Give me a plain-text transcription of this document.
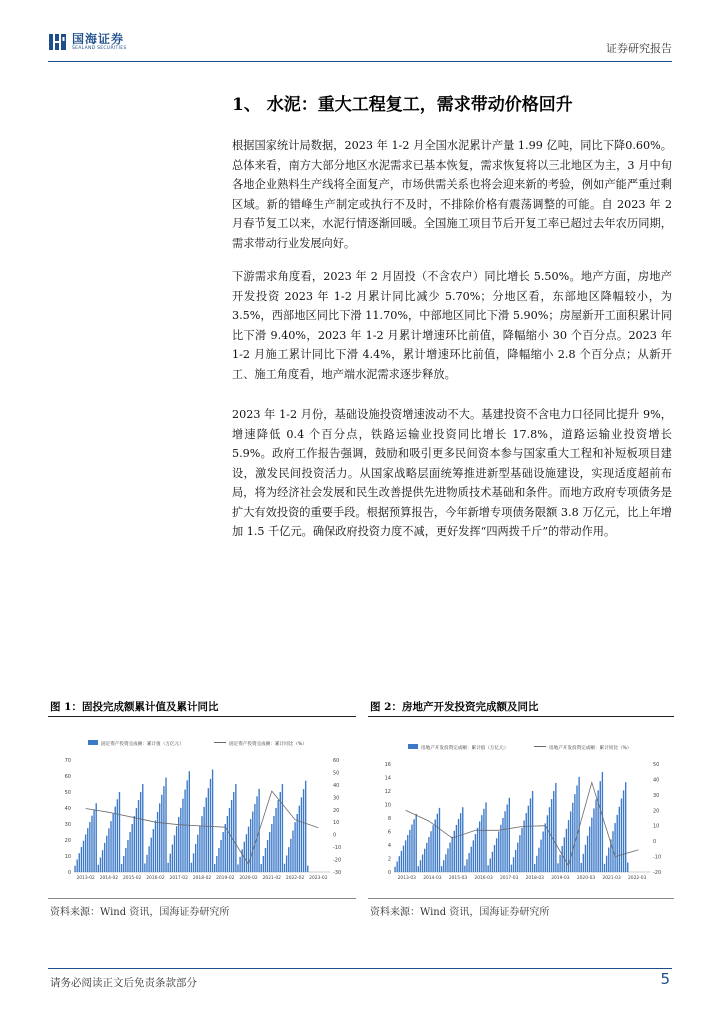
国海证券
SEALAND SECURITIES	证券研究报告
1、 水泥：重大工程复工，需求带动价格回升

根据国家统计局数据，2023 年 1-2 月全国水泥累计产量 1.99 亿吨，同比下降0.60%。总体来看，南方大部分地区水泥需求已基本恢复，需求恢复将以三北地区为主，3 月中旬各地企业熟料生产线将全面复产，市场供需关系也将会迎来新的考验，例如产能严重过剩区域。新的错峰生产制定或执行不及时，不排除价格有震荡调整的可能。自 2023 年 2 月春节复工以来，水泥行情逐渐回暖。全国施工项目节后开复工率已超过去年农历同期，需求带动行业发展向好。

下游需求角度看，2023 年 2 月固投（不含农户）同比增长 5.50%。地产方面，房地产开发投资 2023 年 1-2 月累计同比减少 5.70%；分地区看，东部地区降幅较小，为 3.5%，西部地区同比下滑 11.70%，中部地区同比下滑 5.90%；房屋新开工面积累计同比下滑 9.40%，2023 年 1-2 月累计增速环比前值，降幅缩小 30 个百分点。2023 年 1-2 月施工累计同比下滑 4.4%，累计增速环比前值，降幅缩小 2.8 个百分点；从新开工、施工角度看，地产端水泥需求逐步释放。

2023 年 1-2 月份，基础设施投资增速波动不大。基建投资不含电力口径同比提升 9%，增速降低 0.4 个百分点，铁路运输业投资同比增长 17.8%，道路运输业投资增长 5.9%。政府工作报告强调，鼓励和吸引更多民间资本参与国家重大工程和补短板项目建设，激发民间投资活力。从国家战略层面统筹推进新型基础设施建设，实现适度超前布局，将为经济社会发展和民生改善提供先进物质技术基础和条件。而地方政府专项债务是扩大有效投资的重要手段。根据预算报告，今年新增专项债务限额 3.8 万亿元，比上年增加 1.5 千亿元。确保政府投资力度不减，更好发挥“四两拨千斤”的带动作用。

图 1：固投完成额累计值及累计同比
固定资产投资完成额：累计值（万亿元）	固定资产投资完成额：累计同比（%）
0
10
20
30
40
50
60
70
-30
-20
-10
0
10
20
30
40
50
60
2013-02 2014-02 2015-02 2016-02 2017-02 2018-02 2019-02 2020-02 2021-02 2022-02 2023-02
资料来源：Wind 资讯，国海证券研究所
图 2：房地产开发投资完成额及同比
房地产开发投资完成额：累计值（万亿元）	房地产开发投资完成额：累计同比（%）
0
2
4
6
8
10
12
14
16
-20
-10
0
10
20
30
40
50
2013-03 2014-03 2015-03 2016-03 2017-03 2018-03 2019-03 2020-03 2021-03 2022-03
资料来源：Wind 资讯，国海证券研究所
请务必阅读正文后免责条款部分	5
